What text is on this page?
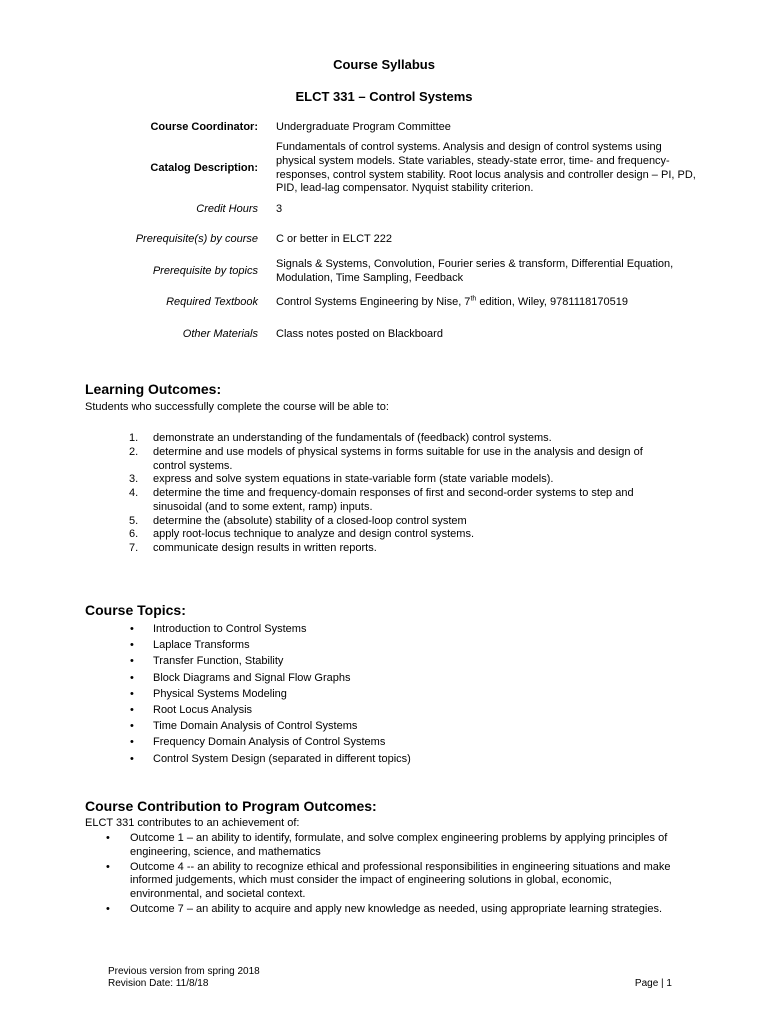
Course Syllabus
ELCT 331 – Control Systems
Course Coordinator: Undergraduate Program Committee
Catalog Description:
Fundamentals of control systems. Analysis and design of control systems using physical system models. State variables, steady-state error, time- and frequency-responses, control system stability. Root locus analysis and controller design – PI, PD, PID, lead-lag compensator. Nyquist stability criterion.
Credit Hours 3
Prerequisite(s) by course C or better in ELCT 222
Prerequisite by topics
Signals & Systems, Convolution, Fourier series & transform, Differential Equation, Modulation, Time Sampling, Feedback
Required Textbook Control Systems Engineering by Nise, 7th edition, Wiley, 9781118170519
Other Materials Class notes posted on Blackboard
Learning Outcomes:
Students who successfully complete the course will be able to:
1. demonstrate an understanding of the fundamentals of (feedback) control systems.
2. determine and use models of physical systems in forms suitable for use in the analysis and design of control systems.
3. express and solve system equations in state-variable form (state variable models).
4. determine the time and frequency-domain responses of first and second-order systems to step and sinusoidal (and to some extent, ramp) inputs.
5. determine the (absolute) stability of a closed-loop control system
6. apply root-locus technique to analyze and design control systems.
7. communicate design results in written reports.
Course Topics:
• Introduction to Control Systems
• Laplace Transforms
• Transfer Function, Stability
• Block Diagrams and Signal Flow Graphs
• Physical Systems Modeling
• Root Locus Analysis
• Time Domain Analysis of Control Systems
• Frequency Domain Analysis of Control Systems
• Control System Design (separated in different topics)
Course Contribution to Program Outcomes:
ELCT 331 contributes to an achievement of:
• Outcome 1 – an ability to identify, formulate, and solve complex engineering problems by applying principles of engineering, science, and mathematics
• Outcome 4 -- an ability to recognize ethical and professional responsibilities in engineering situations and make informed judgements, which must consider the impact of engineering solutions in global, economic, environmental, and societal context.
• Outcome 7 – an ability to acquire and apply new knowledge as needed, using appropriate learning strategies.
Previous version from spring 2018
Revision Date: 11/8/18	Page | 1
